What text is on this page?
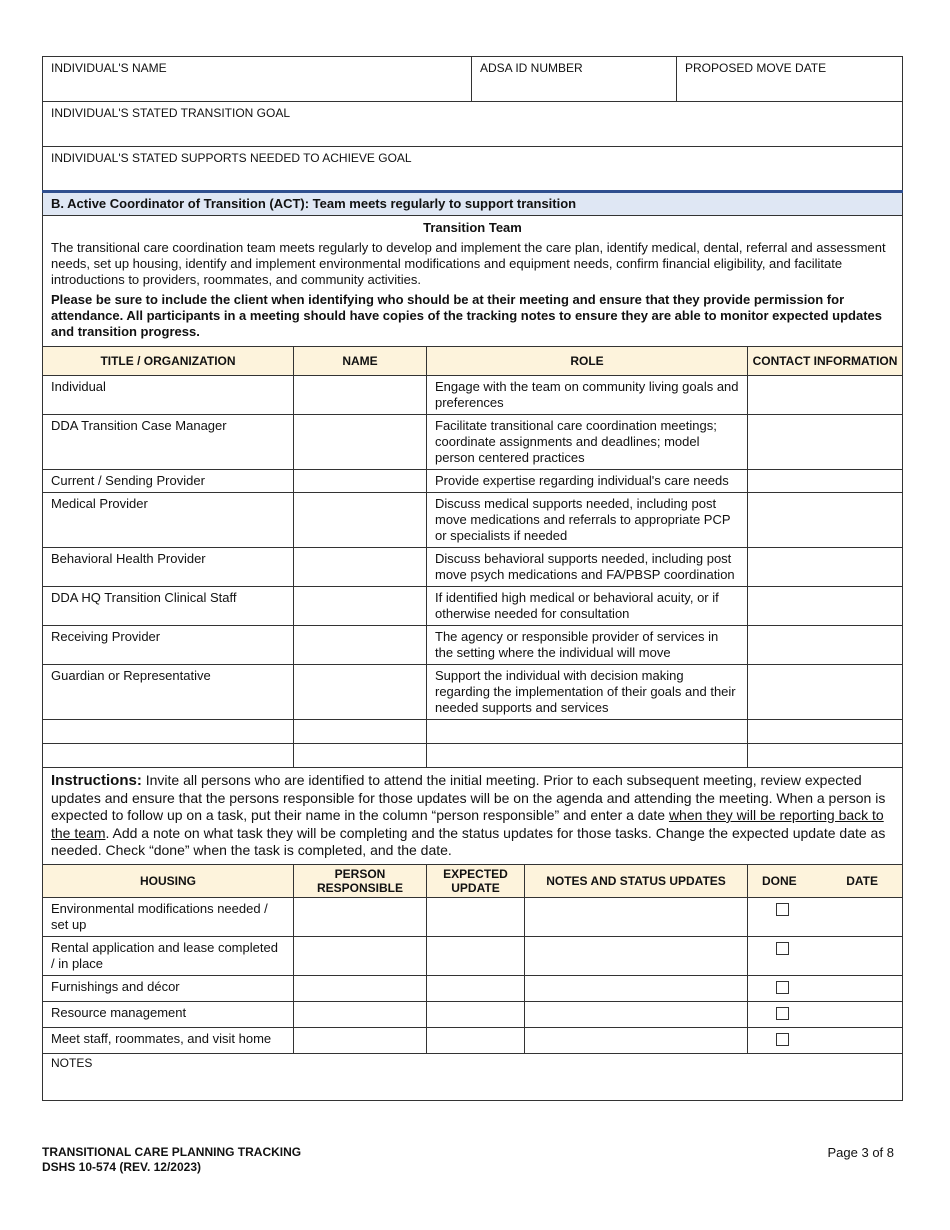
INDIVIDUAL'S NAME	ADSA ID NUMBER	PROPOSED MOVE DATE
INDIVIDUAL'S STATED TRANSITION GOAL
INDIVIDUAL'S STATED SUPPORTS NEEDED TO ACHIEVE GOAL
B. Active Coordinator of Transition (ACT): Team meets regularly to support transition

Transition Team

The transitional care coordination team meets regularly to develop and implement the care plan, identify medical, dental, referral and assessment needs, set up housing, identify and implement environmental modifications and equipment needs, confirm financial eligibility, and facilitate introductions to providers, roommates, and community activities.

Please be sure to include the client when identifying who should be at their meeting and ensure that they provide permission for attendance. All participants in a meeting should have copies of the tracking notes to ensure they are able to monitor expected updates and transition progress.

TITLE / ORGANIZATION	NAME	ROLE	CONTACT INFORMATION
Individual		Engage with the team on community living goals and preferences	
DDA Transition Case Manager		Facilitate transitional care coordination meetings; coordinate assignments and deadlines; model person centered practices	
Current / Sending Provider		Provide expertise regarding individual's care needs	
Medical Provider		Discuss medical supports needed, including post move medications and referrals to appropriate PCP or specialists if needed	
Behavioral Health Provider		Discuss behavioral supports needed, including post move psych medications and FA/PBSP coordination	
DDA HQ Transition Clinical Staff		If identified high medical or behavioral acuity, or if otherwise needed for consultation	
Receiving Provider		The agency or responsible provider of services in the setting where the individual will move	
Guardian or Representative		Support the individual with decision making regarding the implementation of their goals and their needed supports and services	

Instructions: Invite all persons who are identified to attend the initial meeting. Prior to each subsequent meeting, review expected updates and ensure that the persons responsible for those updates will be on the agenda and attending the meeting. When a person is expected to follow up on a task, put their name in the column “person responsible” and enter a date when they will be reporting back to the team. Add a note on what task they will be completing and the status updates for those tasks. Change the expected update date as needed. Check “done” when the task is completed, and the date.			
HOUSING	PERSON RESPONSIBLE	EXPECTED UPDATE	NOTES AND STATUS UPDATES	DONE DATE

Environmental modifications needed / set up				
Rental application and lease completed / in place				
Furnishings and décor				
Resource management				
Meet staff, roommates, and visit home				
NOTES				
TRANSITIONAL CARE PLANNING TRACKING
DSHS 10-574 (REV. 12/2023)
Page 3 of 8
